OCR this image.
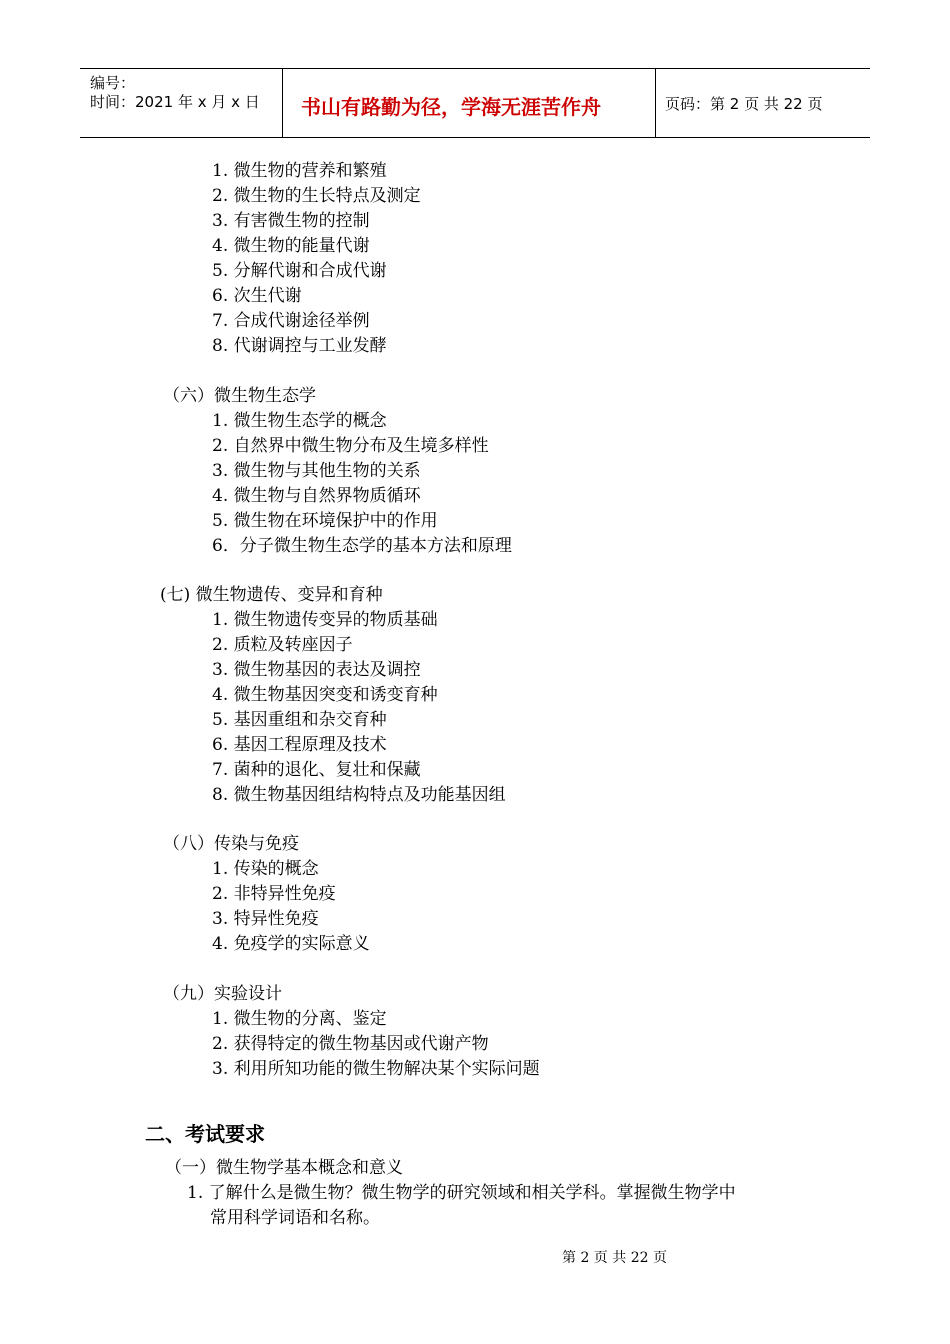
编号：
时间：2021 年 x 月 x 日 书山有路勤为径，学海无涯苦作舟	页码：第 2 页 共 22 页
1. 微生物的营养和繁殖
2. 微生物的生长特点及测定
3. 有害微生物的控制
4. 微生物的能量代谢
5. 分解代谢和合成代谢
6. 次生代谢
7. 合成代谢途径举例
8. 代谢调控与工业发酵
（六）微生物生态学
1. 微生物生态学的概念
2. 自然界中微生物分布及生境多样性
3. 微生物与其他生物的关系
4. 微生物与自然界物质循环
5. 微生物在环境保护中的作用
6．分子微生物生态学的基本方法和原理
(七) 微生物遗传、变异和育种
1. 微生物遗传变异的物质基础
2. 质粒及转座因子
3. 微生物基因的表达及调控
4. 微生物基因突变和诱变育种
5. 基因重组和杂交育种
6. 基因工程原理及技术
7. 菌种的退化、复壮和保藏
8. 微生物基因组结构特点及功能基因组
（八）传染与免疫
1. 传染的概念
2. 非特异性免疫
3. 特异性免疫
4. 免疫学的实际意义
（九）实验设计
1. 微生物的分离、鉴定
2. 获得特定的微生物基因或代谢产物
3. 利用所知功能的微生物解决某个实际问题
二、考试要求
（一）微生物学基本概念和意义
1. 了解什么是微生物？微生物学的研究领域和相关学科。掌握微生物学中
常用科学词语和名称。
第 2 页 共 22 页
